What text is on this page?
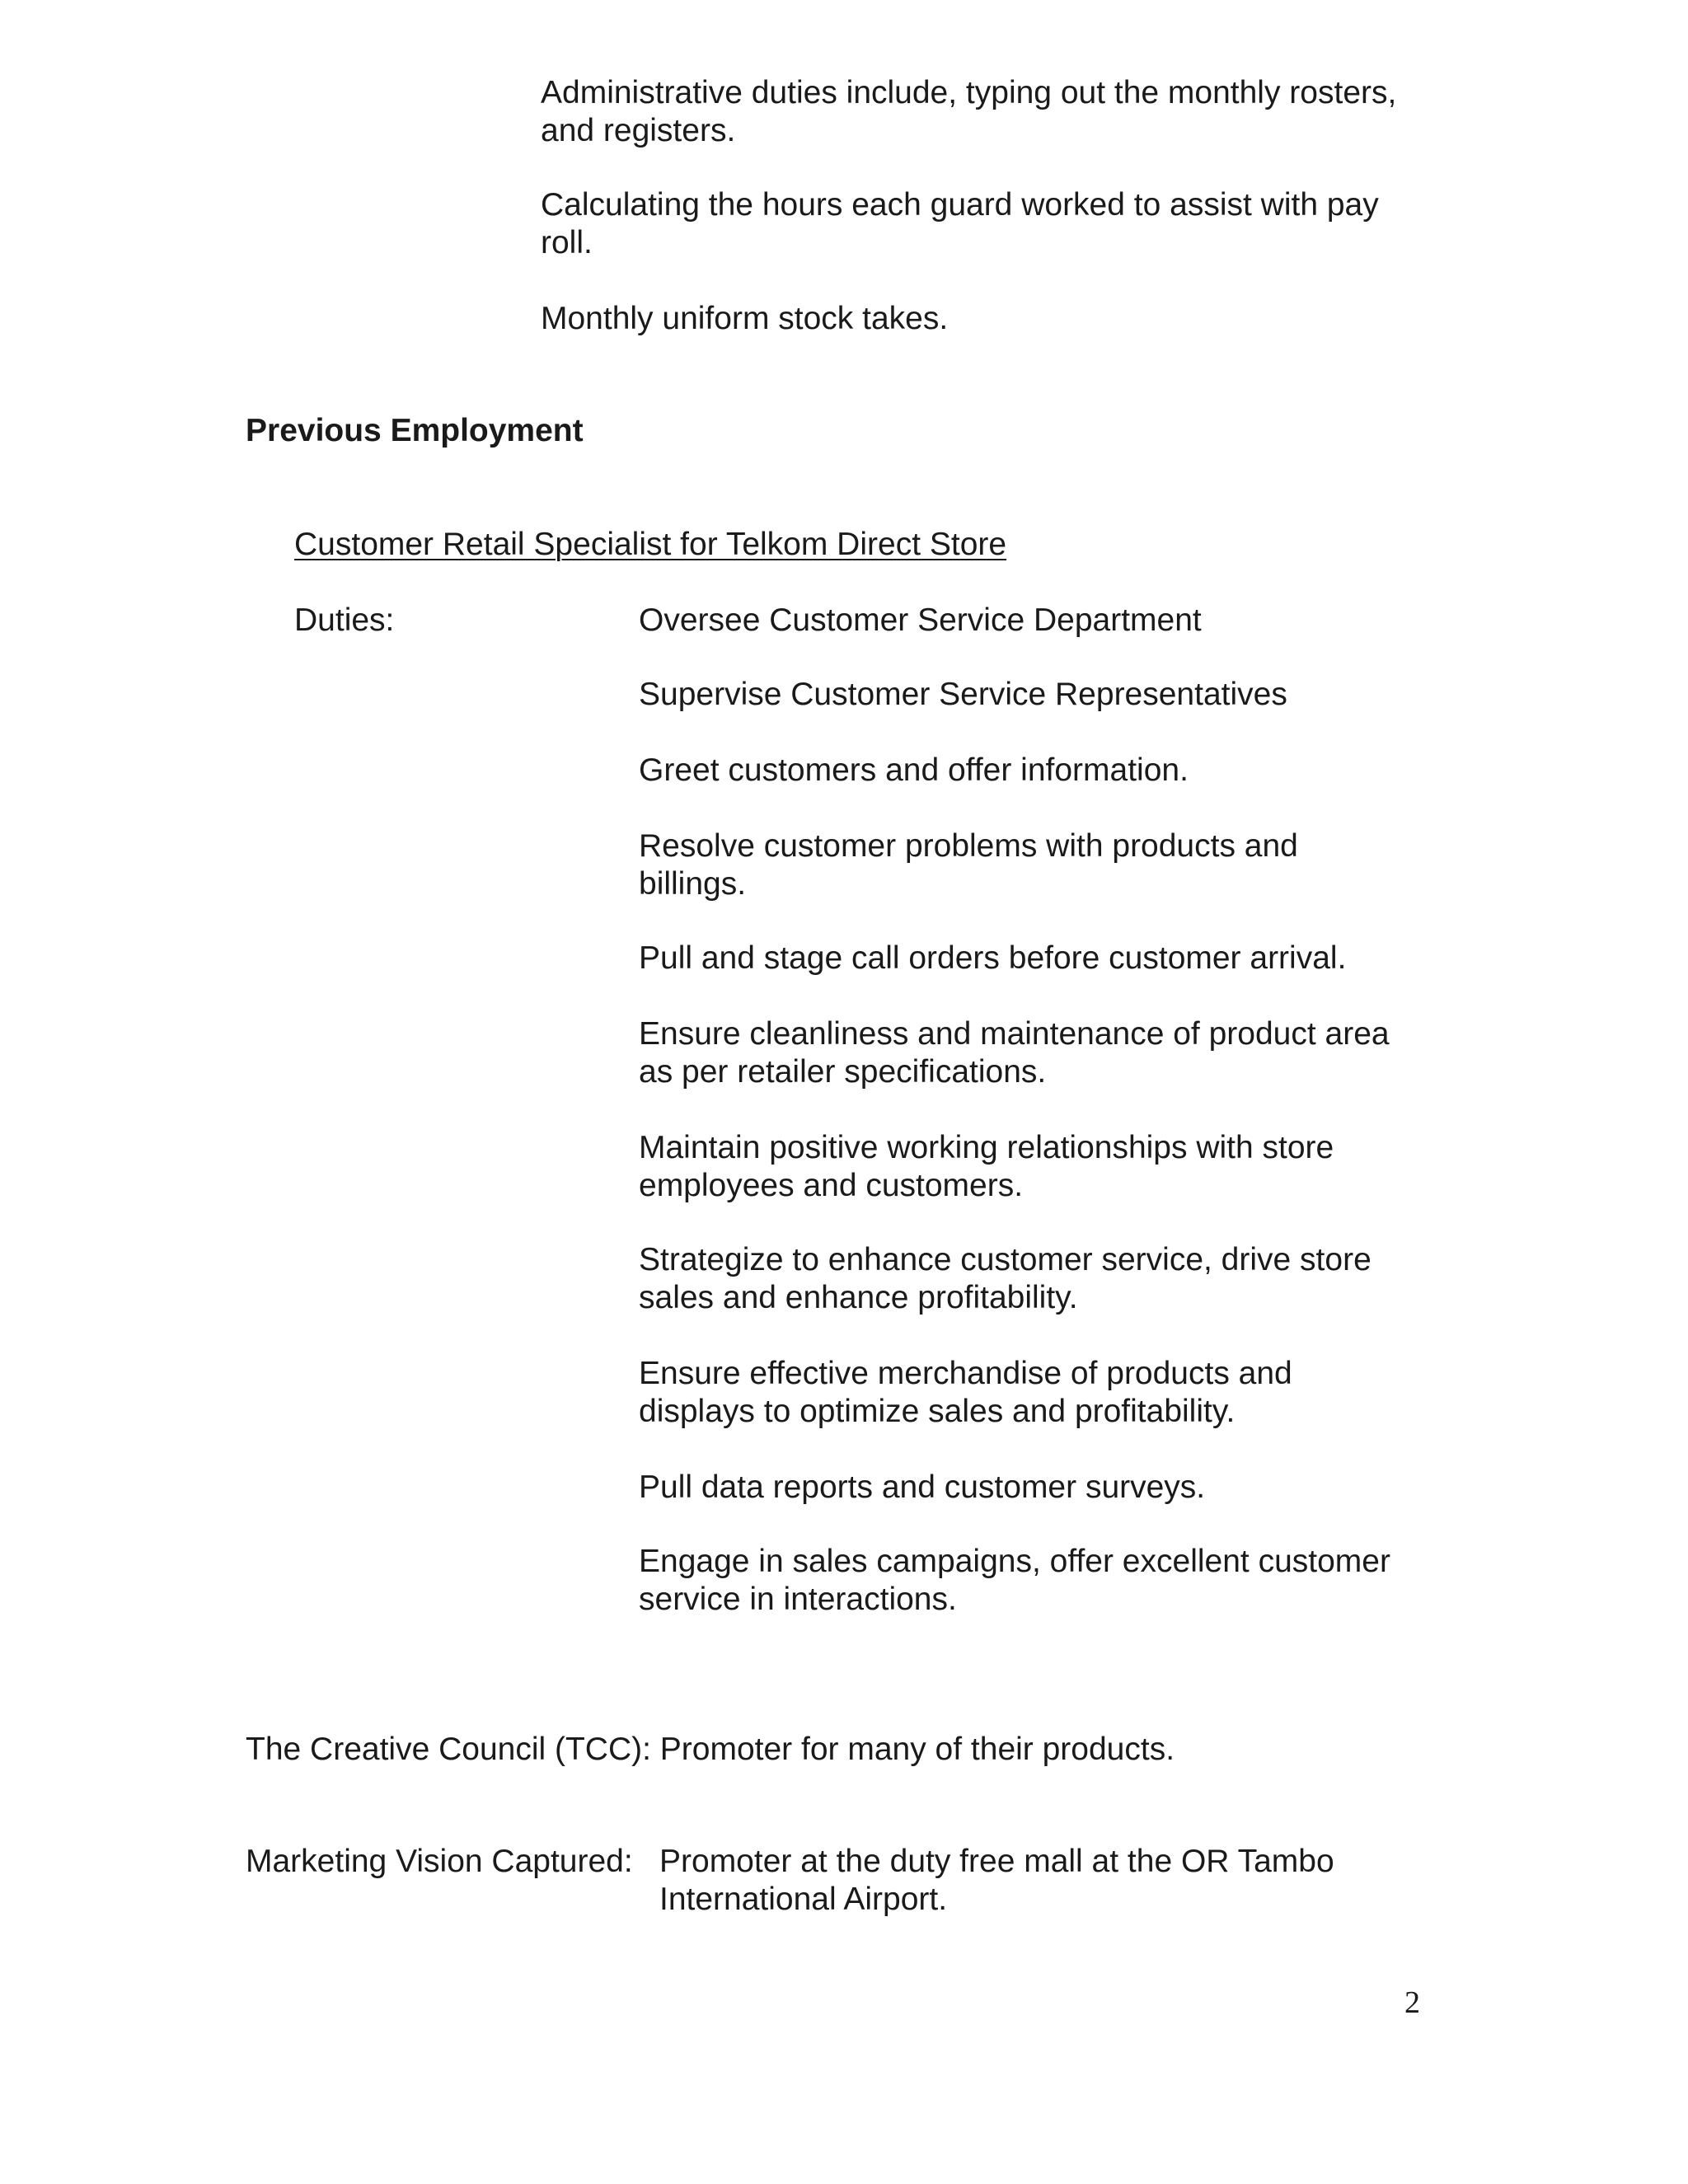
Administrative duties include, typing out the monthly rosters, and registers.
Calculating the hours each guard worked to assist with pay roll.
Monthly uniform stock takes.
Previous Employment
Customer Retail Specialist for Telkom Direct Store
Duties:	Oversee Customer Service Department
Supervise Customer Service Representatives
Greet customers and offer information.
Resolve customer problems with products and billings.
Pull and stage call orders before customer arrival.
Ensure cleanliness and maintenance of product area as per retailer specifications.
Maintain positive working relationships with store employees and customers.
Strategize to enhance customer service, drive store sales and enhance profitability.
Ensure effective merchandise of products and displays to optimize sales and profitability.
Pull data reports and customer surveys.
Engage in sales campaigns, offer excellent customer service in interactions.
The Creative Council (TCC): Promoter for many of their products.
Marketing Vision Captured: Promoter at the duty free mall at the OR Tambo International Airport.
2
